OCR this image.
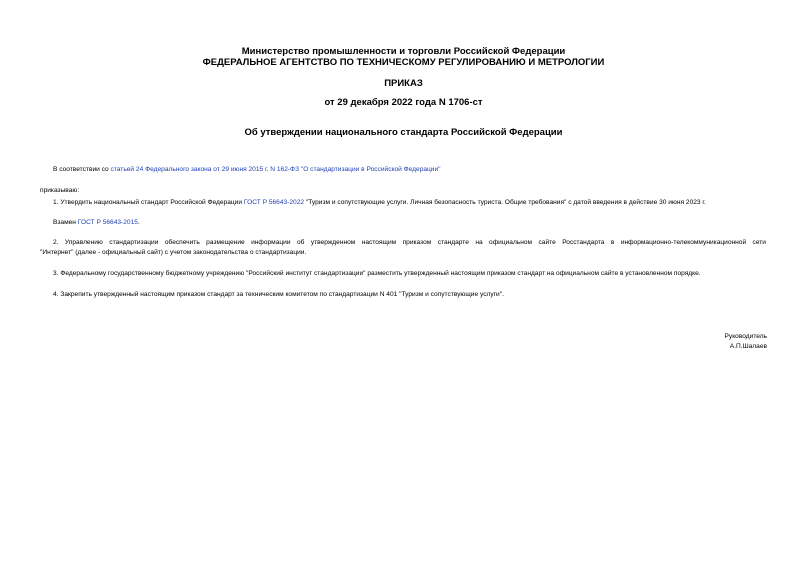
Министерство промышленности и торговли Российской Федерации
ФЕДЕРАЛЬНОЕ АГЕНТСТВО ПО ТЕХНИЧЕСКОМУ РЕГУЛИРОВАНИЮ И МЕТРОЛОГИИ
ПРИКАЗ
от 29 декабря 2022 года N 1706-ст
Об утверждении национального стандарта Российской Федерации
В соответствии со статьей 24 Федерального закона от 29 июня 2015 г. N 162-ФЗ "О стандартизации в Российской Федерации"
приказываю:
1. Утвердить национальный стандарт Российской Федерации ГОСТ Р 56643-2022 "Туризм и сопутствующие услуги. Личная безопасность туриста. Общие требования" с датой введения в действие 30 июня 2023 г.
Взамен ГОСТ Р 56643-2015.
2. Управлению стандартизации обеспечить размещение информации об утвержденном настоящим приказом стандарте на официальном сайте Росстандарта в информационно-телекоммуникационной сети
"Интернет" (далее - официальный сайт) с учетом законодательства о стандартизации.
3. Федеральному государственному бюджетному учреждению "Российский институт стандартизации" разместить утвержденный настоящим приказом стандарт на официальном сайте в установленном порядке.
4. Закрепить утвержденный настоящим приказом стандарт за техническим комитетом по стандартизации N 401 "Туризм и сопутствующие услуги".
Руководитель
А.П.Шалаев
